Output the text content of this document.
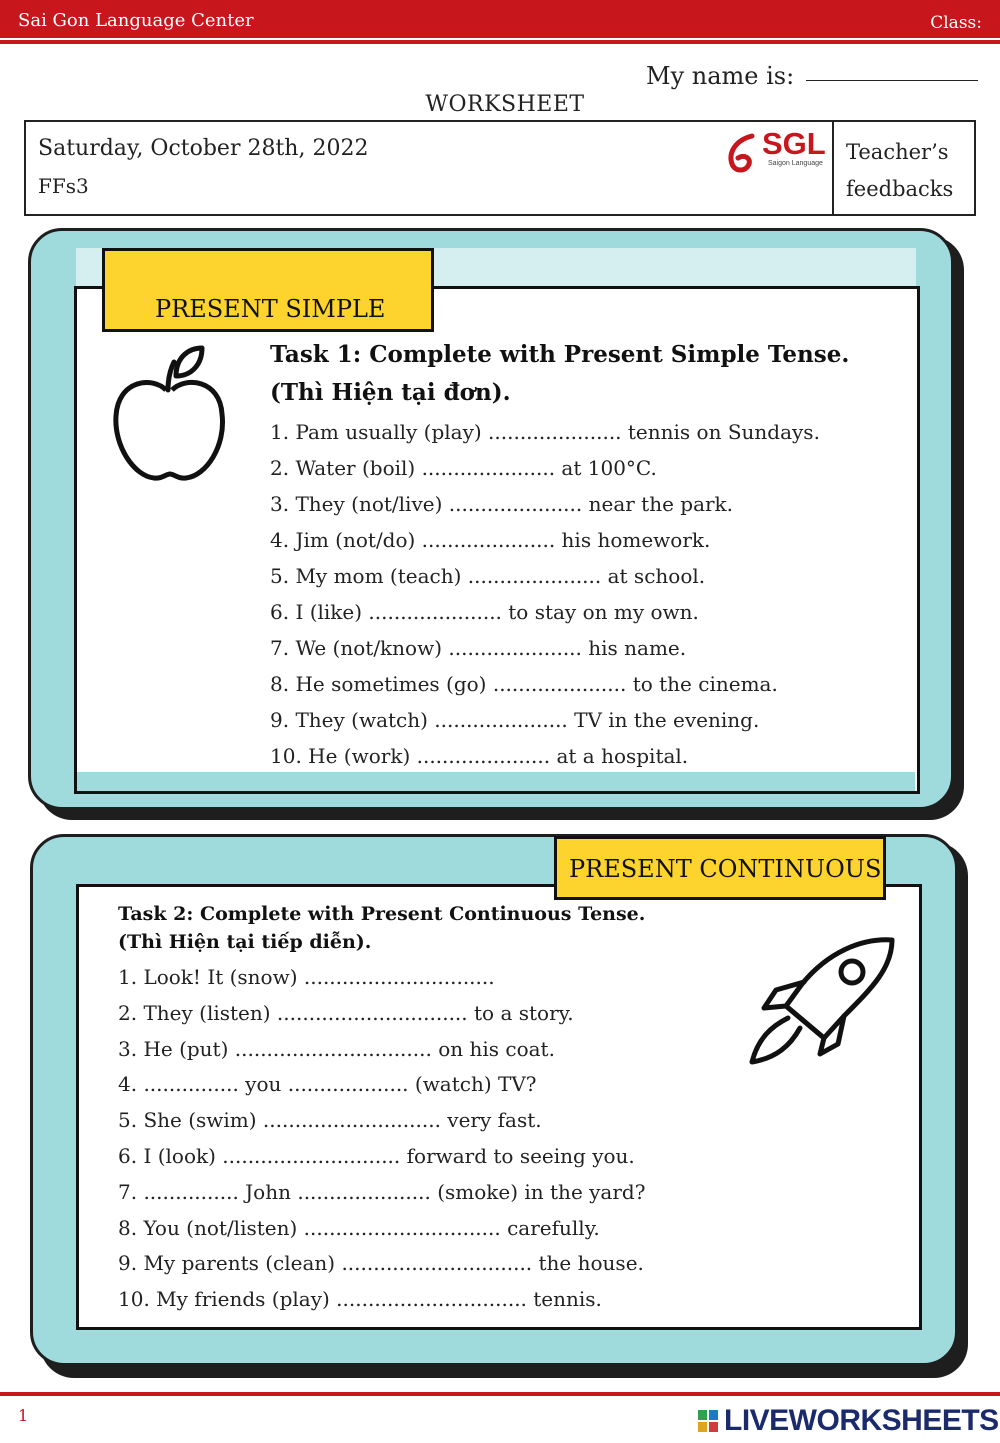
Sai Gon Language Center	Class:
My name is:
WORKSHEET
Saturday, October 28th, 2022
FFs3
SGL
Saigon Language Teacher’s
feedbacks
PRESENT SIMPLE
Task 1: Complete with Present Simple Tense.
(Thì Hiện tại đơn).
1. Pam usually (play) ..................... tennis on Sundays.
2. Water (boil) ..................... at 100°C.
3. They (not/live) ..................... near the park.
4. Jim (not/do) ..................... his homework.
5. My mom (teach) ..................... at school.
6. I (like) ..................... to stay on my own.
7. We (not/know) ..................... his name.
8. He sometimes (go) ..................... to the cinema.
9. They (watch) ..................... TV in the evening.
10. He (work) ..................... at a hospital.
PRESENT CONTINUOUS
Task 2: Complete with Present Continuous Tense.
(Thì Hiện tại tiếp diễn).
1. Look! It (snow) ..............................
2. They (listen) .............................. to a story.
3. He (put) ............................... on his coat.
4. ............... you ................... (watch) TV?
5. She (swim) ............................ very fast.
6. I (look) ............................ forward to seeing you.
7. ............... John ..................... (smoke) in the yard?
8. You (not/listen) ............................... carefully.
9. My parents (clean) .............................. the house.
10. My friends (play) .............................. tennis.
1	LIVEWORKSHEETS
